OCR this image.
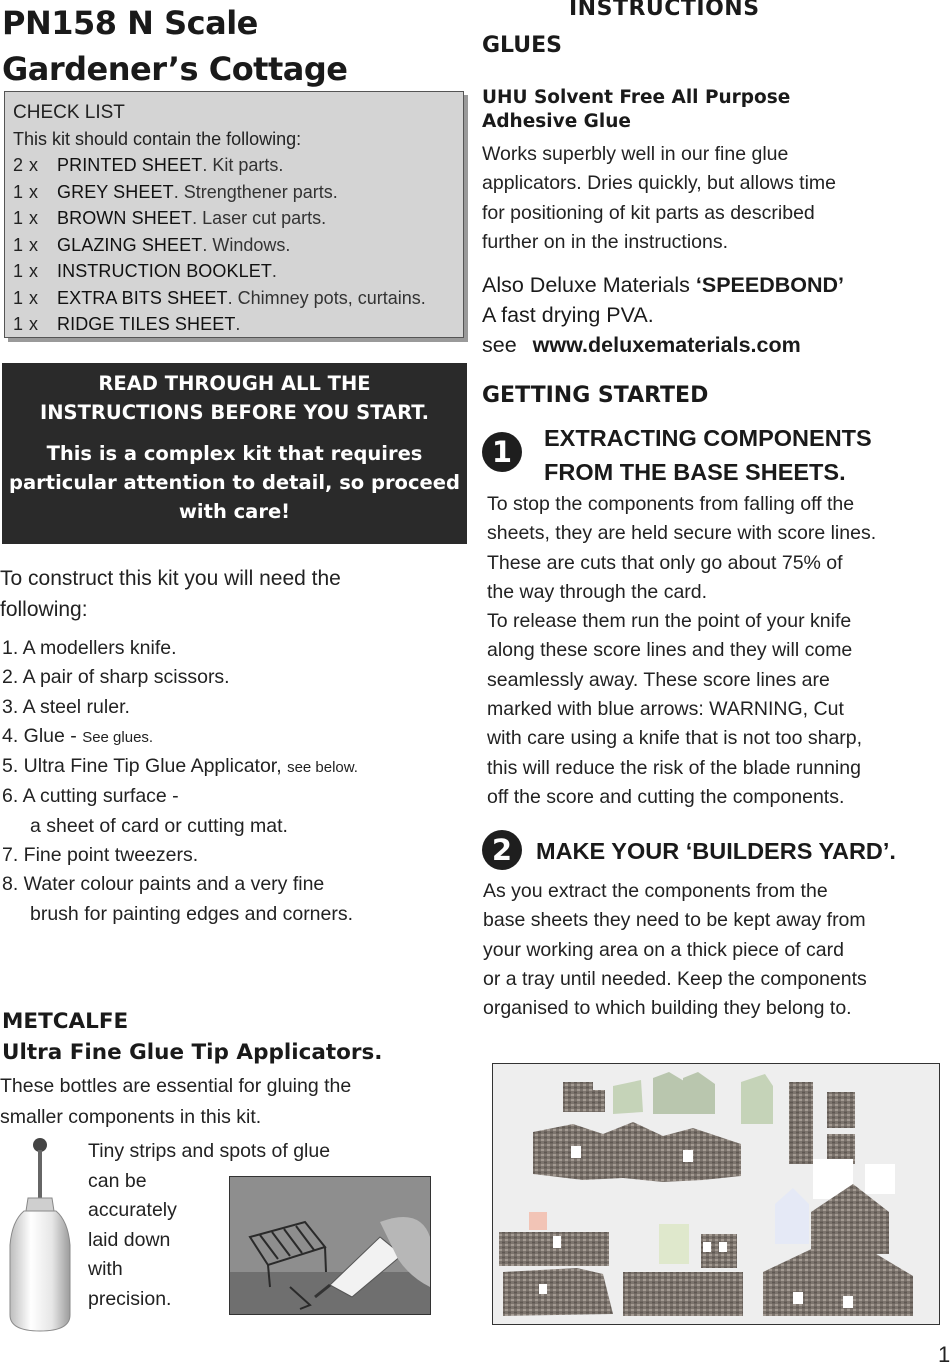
PN158 N Scale
Gardener’s Cottage
CHECK LIST
This kit should contain the following:
2 x PRINTED SHEET. Kit parts.
1 x GREY SHEET. Strengthener parts.
1 x BROWN SHEET. Laser cut parts.
1 x GLAZING SHEET. Windows.
1 x INSTRUCTION BOOKLET.
1 x EXTRA BITS SHEET. Chimney pots, curtains.
1 x RIDGE TILES SHEET.
READ THROUGH ALL THE
INSTRUCTIONS BEFORE YOU START.
This is a complex kit that requires
particular attention to detail, so proceed
with care!
To construct this kit you will need the
following:
1. A modellers knife.
2. A pair of sharp scissors.
3. A steel ruler.
4. Glue - See glues.
5. Ultra Fine Tip Glue Applicator, see below.
6. A cutting surface -
a sheet of card or cutting mat.
7. Fine point tweezers.
8. Water colour paints and a very fine
brush for painting edges and corners.
METCALFE
Ultra Fine Glue Tip Applicators.
These bottles are essential for gluing the
smaller components in this kit.
Tiny strips and spots of glue
can be
accurately
laid down
with
precision.
INSTRUCTIONS
GLUES
UHU Solvent Free All Purpose
Adhesive Glue
Works superbly well in our fine glue
applicators. Dries quickly, but allows time
for positioning of kit parts as described
further on in the instructions.
Also Deluxe Materials ‘SPEEDBOND’
A fast drying PVA.
see www.deluxematerials.com
GETTING STARTED
1	EXTRACTING COMPONENTS
FROM THE BASE SHEETS.
To stop the components from falling off the
sheets, they are held secure with score lines.
These are cuts that only go about 75% of
the way through the card.
To release them run the point of your knife
along these score lines and they will come
seamlessly away. These score lines are
marked with blue arrows: WARNING, Cut
with care using a knife that is not too sharp,
this will reduce the risk of the blade running
off the score and cutting the components.
2	MAKE YOUR ‘BUILDERS YARD’.
As you extract the components from the
base sheets they need to be kept away from
your working area on a thick piece of card
or a tray until needed. Keep the components
organised to which building they belong to.
1
